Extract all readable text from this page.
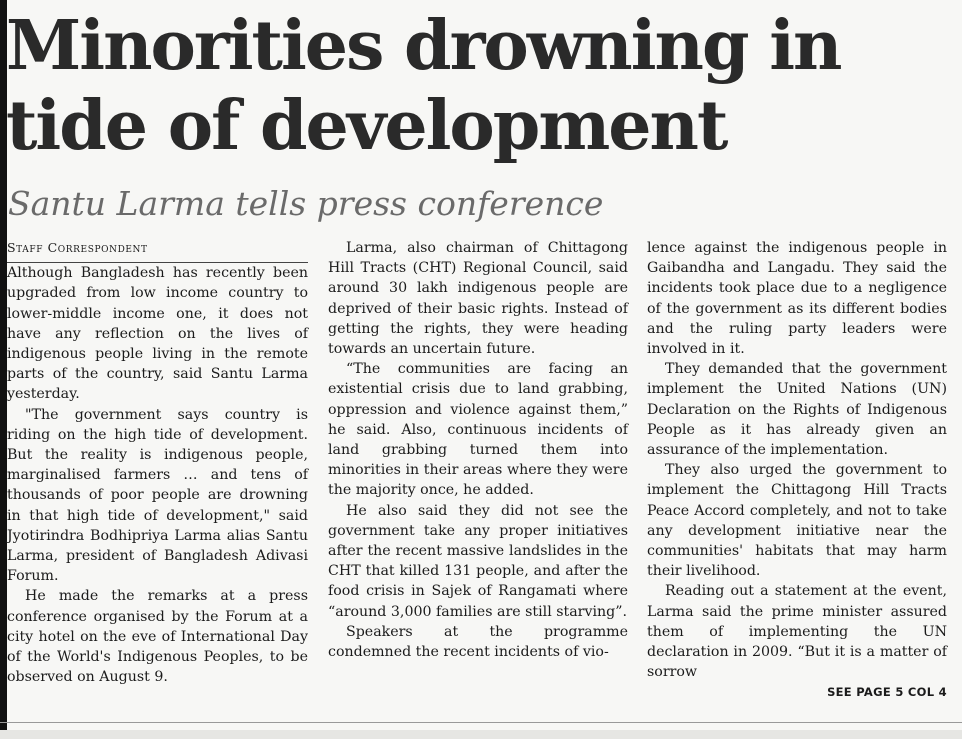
Minorities drowning in tide of development
Santu Larma tells press conference

Staff Correspondent

Although Bangladesh has recently been upgraded from low income country to lower-middle income one, it does not have any reflection on the lives of indigenous people living in the remote parts of the country, said Santu Larma yesterday.

"The government says country is riding on the high tide of development. But the reality is indigenous people, marginalised farmers … and tens of thousands of poor people are drowning in that high tide of development," said Jyotirindra Bodhipriya Larma alias Santu Larma, president of Bangladesh Adivasi Forum.

He made the remarks at a press conference organised by the Forum at a city hotel on the eve of International Day of the World's Indigenous Peoples, to be observed on August 9.

Larma, also chairman of Chittagong Hill Tracts (CHT) Regional Council, said around 30 lakh indigenous people are deprived of their basic rights. Instead of getting the rights, they were heading towards an uncertain future.

“The communities are facing an existential crisis due to land grabbing, oppression and violence against them,” he said. Also, continuous incidents of land grabbing turned them into minorities in their areas where they were the majority once, he added.

He also said they did not see the government take any proper initiatives after the recent massive landslides in the CHT that killed 131 people, and after the food crisis in Sajek of Rangamati where “around 3,000 families are still starving”.

Speakers at the programme condemned the recent incidents of vio-

lence against the indigenous people in Gaibandha and Langadu. They said the incidents took place due to a negligence of the government as its different bodies and the ruling party leaders were involved in it.

They demanded that the government implement the United Nations (UN) Declaration on the Rights of Indigenous People as it has already given an assurance of the implementation.

They also urged the government to implement the Chittagong Hill Tracts Peace Accord completely, and not to take any development initiative near the communities' habitats that may harm their livelihood.

Reading out a statement at the event, Larma said the prime minister assured them of implementing the UN declaration in 2009. “But it is a matter of sorrow

SEE PAGE 5 COL 4
